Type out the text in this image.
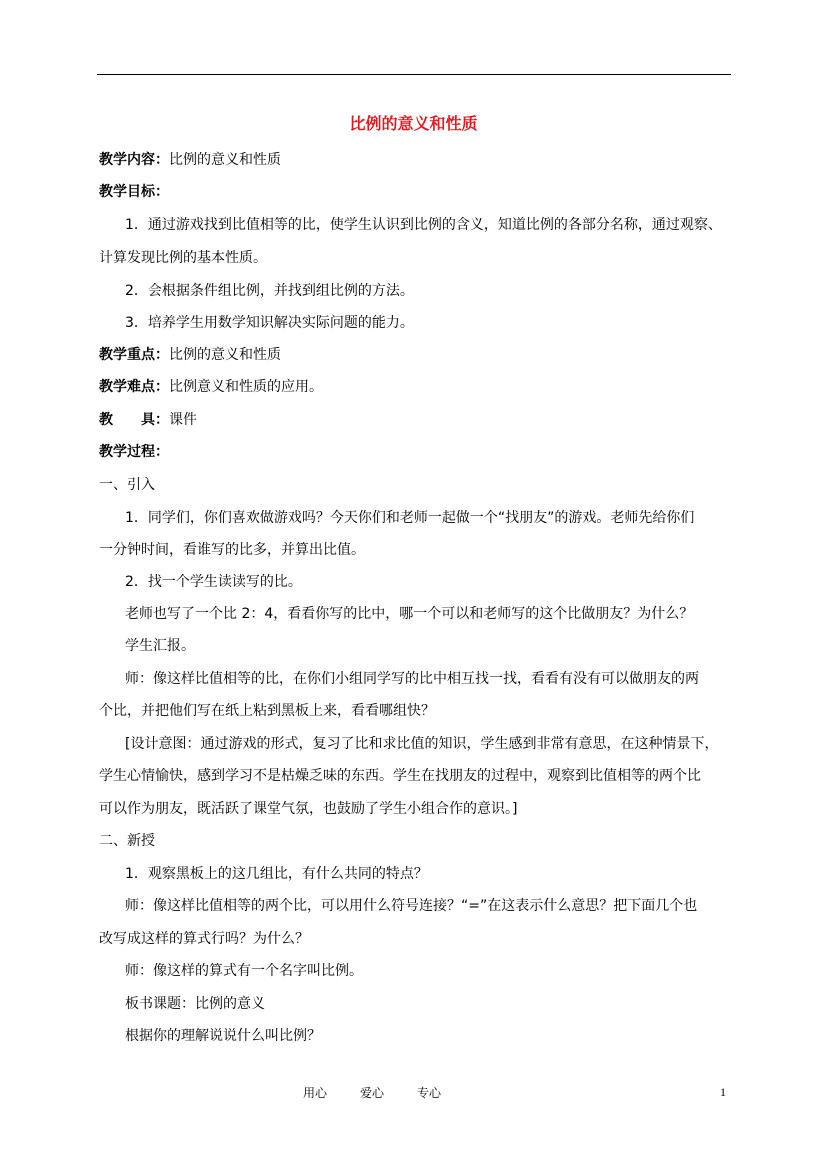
比例的意义和性质
教学内容：比例的意义和性质
教学目标：
1．通过游戏找到比值相等的比，使学生认识到比例的含义，知道比例的各部分名称，通过观察、
计算发现比例的基本性质。
2．会根据条件组比例，并找到组比例的方法。
3．培养学生用数学知识解决实际问题的能力。
教学重点：比例的意义和性质
教学难点：比例意义和性质的应用。
教 具：课件
教学过程：
一、引入
1．同学们，你们喜欢做游戏吗？今天你们和老师一起做一个“找朋友”的游戏。老师先给你们
一分钟时间，看谁写的比多，并算出比值。
2．找一个学生读读写的比。
老师也写了一个比 2：4，看看你写的比中，哪一个可以和老师写的这个比做朋友？为什么？
学生汇报。
师：像这样比值相等的比，在你们小组同学写的比中相互找一找，看看有没有可以做朋友的两
个比，并把他们写在纸上粘到黑板上来，看看哪组快？
[设计意图：通过游戏的形式，复习了比和求比值的知识，学生感到非常有意思，在这种情景下，
学生心情愉快，感到学习不是枯燥乏味的东西。学生在找朋友的过程中，观察到比值相等的两个比
可以作为朋友，既活跃了课堂气氛，也鼓励了学生小组合作的意识。]
二、新授
1．观察黑板上的这几组比，有什么共同的特点？
师：像这样比值相等的两个比，可以用什么符号连接？“=”在这表示什么意思？把下面几个也
改写成这样的算式行吗？为什么？
师：像这样的算式有一个名字叫比例。
板书课题：比例的意义
根据你的理解说说什么叫比例？
用心	爱心	专心	1
